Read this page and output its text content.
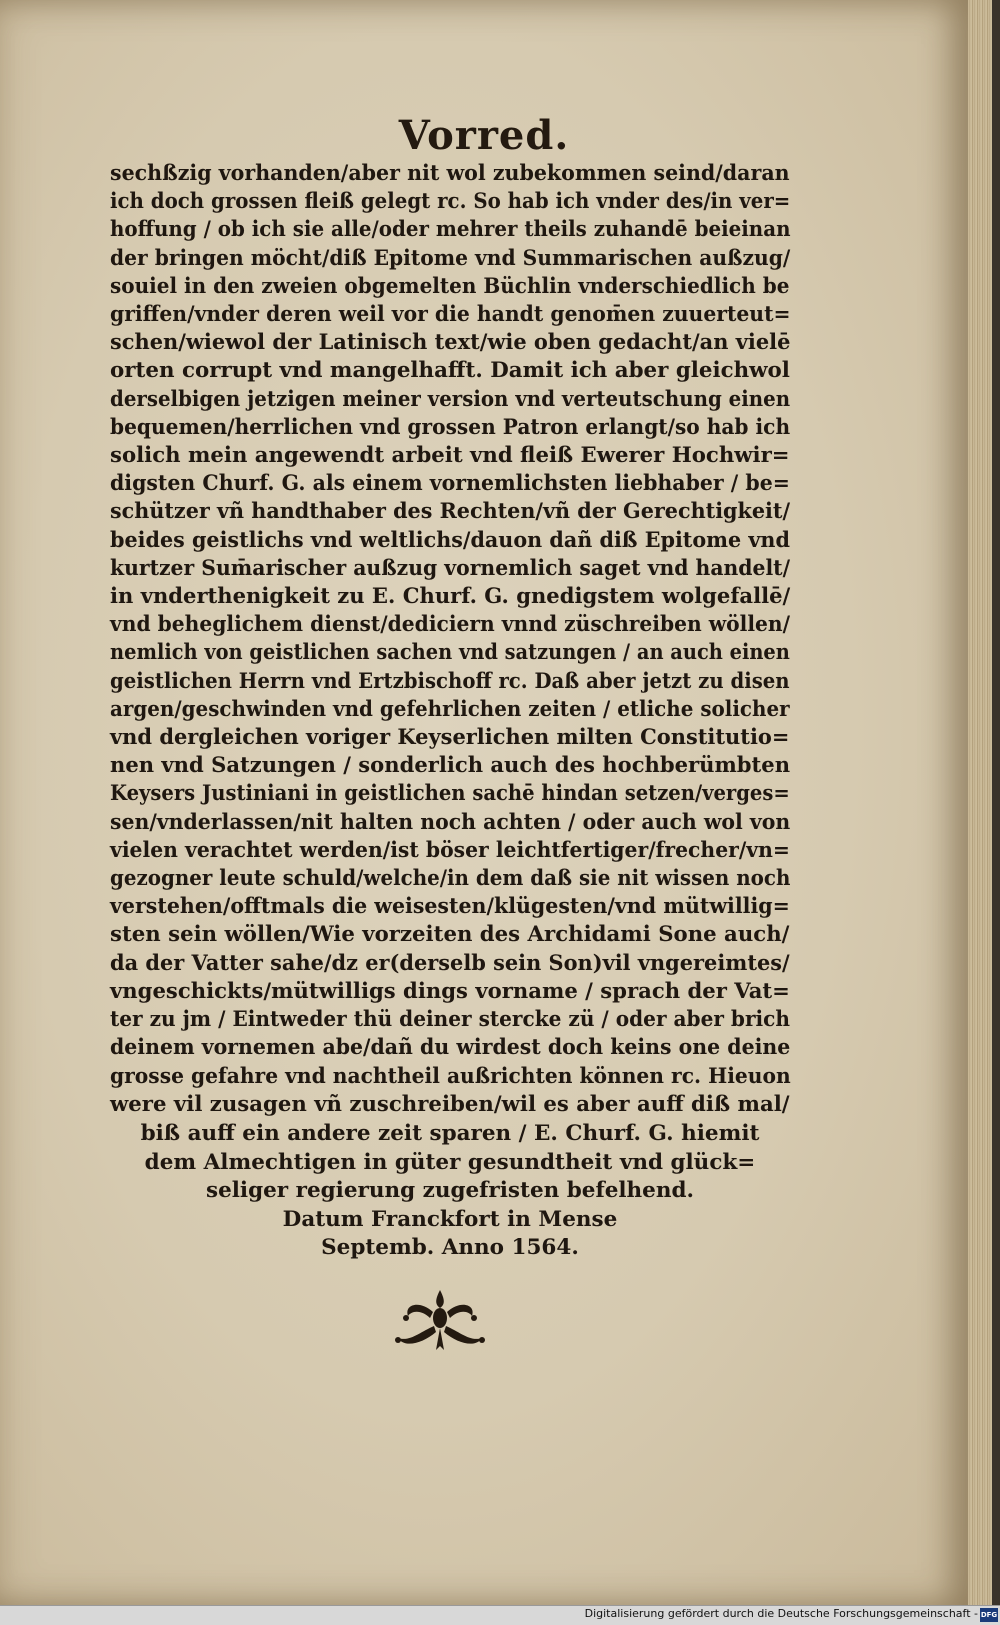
Vorred.
sechßzig vorhanden/aber nit wol zubekommen seind/daran
ich doch grossen fleiß gelegt rc. So hab ich vnder des/in ver=
hoffung / ob ich sie alle/oder mehrer theils zuhandē beieinan
der bringen möcht/diß Epitome vnd Summarischen außzug/
souiel in den zweien obgemelten Büchlin vnderschiedlich be
griffen/vnder deren weil vor die handt genom̄en zuuerteut=
schen/wiewol der Latinisch text/wie oben gedacht/an vielē
orten corrupt vnd mangelhafft. Damit ich aber gleichwol
derselbigen jetzigen meiner version vnd verteutschung einen
bequemen/herrlichen vnd grossen Patron erlangt/so hab ich
solich mein angewendt arbeit vnd fleiß Ewerer Hochwir=
digsten Churf. G. als einem vornemlichsten liebhaber / be=
schützer vñ handthaber des Rechten/vñ der Gerechtigkeit/
beides geistlichs vnd weltlichs/dauon dañ diß Epitome vnd
kurtzer Sum̄arischer außzug vornemlich saget vnd handelt/
in vnderthenigkeit zu E. Churf. G. gnedigstem wolgefallē/
vnd beheglichem dienst/dediciern vnnd züschreiben wöllen/
nemlich von geistlichen sachen vnd satzungen / an auch einen
geistlichen Herrn vnd Ertzbischoff rc. Daß aber jetzt zu disen
argen/geschwinden vnd gefehrlichen zeiten / etliche solicher
vnd dergleichen voriger Keyserlichen milten Constitutio=
nen vnd Satzungen / sonderlich auch des hochberümbten
Keysers Justiniani in geistlichen sachē hindan setzen/verges=
sen/vnderlassen/nit halten noch achten / oder auch wol von
vielen verachtet werden/ist böser leichtfertiger/frecher/vn=
gezogner leute schuld/welche/in dem daß sie nit wissen noch
verstehen/offtmals die weisesten/klügesten/vnd mütwillig=
sten sein wöllen/Wie vorzeiten des Archidami Sone auch/
da der Vatter sahe/dz er(derselb sein Son)vil vngereimtes/
vngeschickts/mütwilligs dings vorname / sprach der Vat=
ter zu jm / Eintweder thü deiner stercke zü / oder aber brich
deinem vornemen abe/dañ du wirdest doch keins one deine
grosse gefahre vnd nachtheil außrichten können rc. Hieuon
were vil zusagen vñ zuschreiben/wil es aber auff diß mal/
biß auff ein andere zeit sparen / E. Churf. G. hiemit
dem Almechtigen in güter gesundtheit vnd glück=
seliger regierung zugefristen befelhend.
Datum Franckfort in Mense
Septemb. Anno 1564.
Digitalisierung gefördert durch die Deutsche Forschungsgemeinschaft - DFG
